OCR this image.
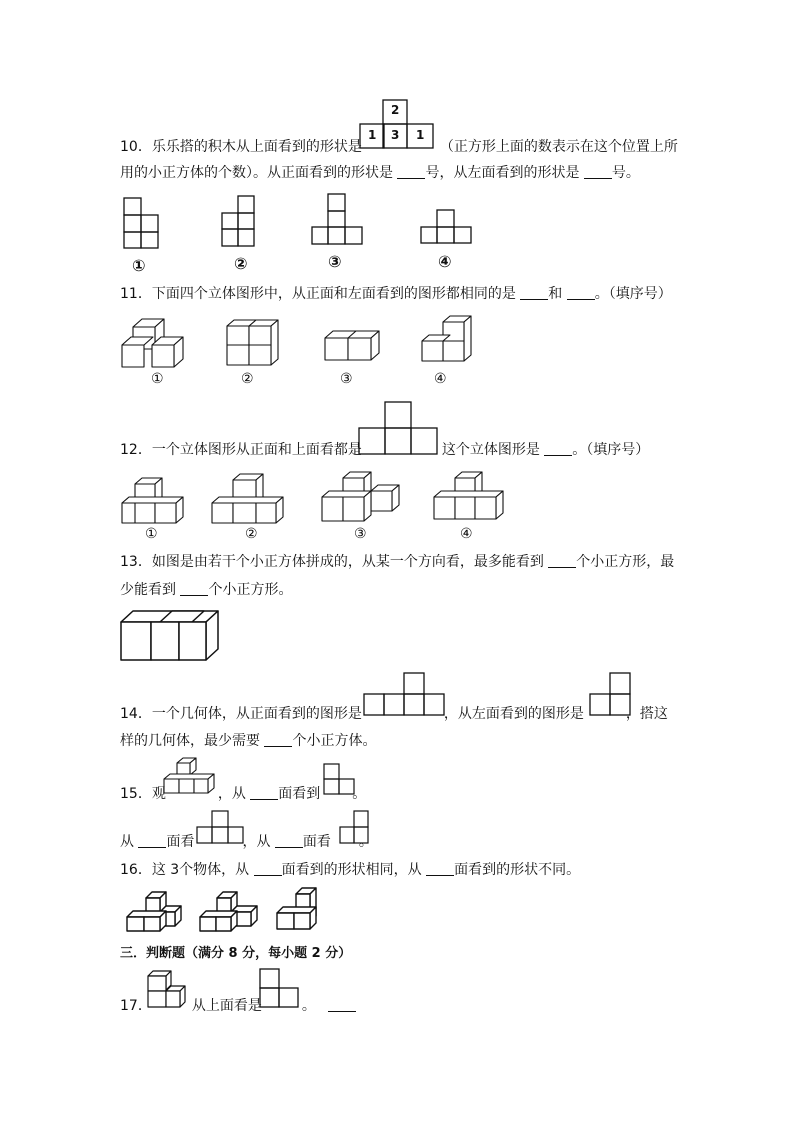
2
1 3 1
10．乐乐搭的积木从上面看到的形状是	（正方形上面的数表示在这个位置上所
用的小正方体的个数）。从正面看到的形状是 号，从左面看到的形状是 号。
①	②	③	④
11．下面四个立体图形中，从正面和左面看到的图形都相同的是 和 。（填序号）
①	②	③	④
12．一个立体图形从正面和上面看都是	这个立体图形是 。（填序号）
①	②	③	④
13．如图是由若干个小正方体拼成的，从某一个方向看，最多能看到 个小正方形，最
少能看到 个小正方形。
14．一个几何体，从正面看到的图形是	，从左面看到的图形是	，搭这
样的几何体，最少需要 个小正方体。
15．观	，从 面看到 。
从 面看	，从 面看 。
16．这 3个物体，从 面看到的形状相同，从 面看到的形状不同。
三．判断题（满分 8 分，每小题 2 分）
17．	从上面看是	。
